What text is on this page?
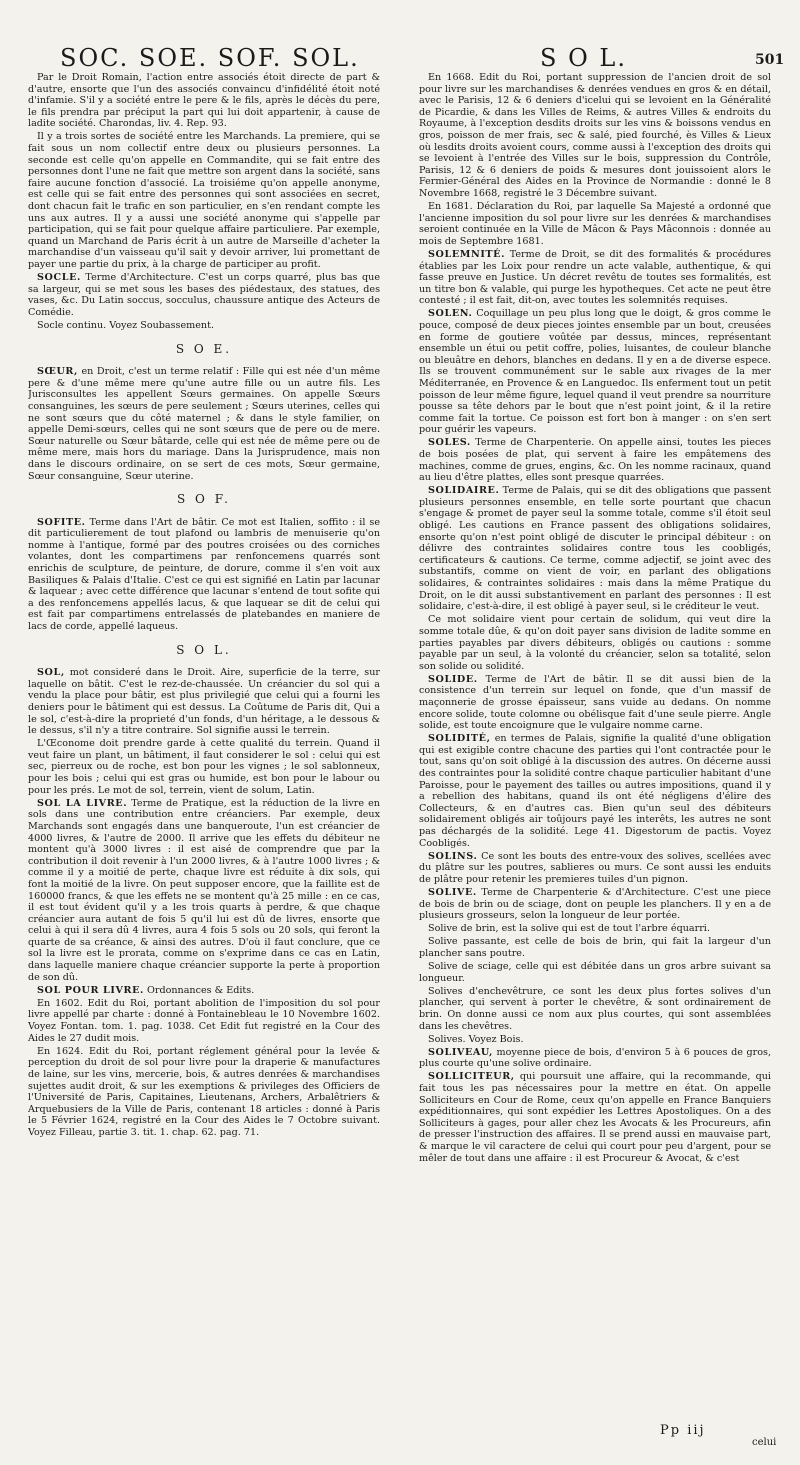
SOC. SOE. SOF. SOL.	S O L.	501

Par le Droit Romain, l'action entre associés étoit directe de part & d'autre, ensorte que l'un des associés convaincu d'infidélité étoit noté d'infamie. S'il y a société entre le pere & le fils, après le décès du pere, le fils prendra par préciput la part qui lui doit appartenir, à cause de ladite société. Charondas, liv. 4. Rep. 93.

Il y a trois sortes de société entre les Marchands. La premiere, qui se fait sous un nom collectif entre deux ou plusieurs personnes. La seconde est celle qu'on appelle en Commandite, qui se fait entre des personnes dont l'une ne fait que mettre son argent dans la société, sans faire aucune fonction d'associé. La troisiéme qu'on appelle anonyme, est celle qui se fait entre des personnes qui sont associées en secret, dont chacun fait le trafic en son particulier, en s'en rendant compte les uns aux autres. Il y a aussi une société anonyme qui s'appelle par participation, qui se fait pour quelque affaire particuliere. Par exemple, quand un Marchand de Paris écrit à un autre de Marseille d'acheter la marchandise d'un vaisseau qu'il sait y devoir arriver, lui promettant de payer une partie du prix, à la charge de participer au profit.

SOCLE. Terme d'Architecture. C'est un corps quarré, plus bas que sa largeur, qui se met sous les bases des piédestaux, des statues, des vases, &c. Du Latin soccus, socculus, chaussure antique des Acteurs de Comédie.

Socle continu. Voyez Soubassement.

S O E.

SŒUR, en Droit, c'est un terme relatif : Fille qui est née d'un même pere & d'une même mere qu'une autre fille ou un autre fils. Les Jurisconsultes les appellent Sœurs germaines. On appelle Sœurs consanguines, les sœurs de pere seulement ; Sœurs uterines, celles qui ne sont sœurs que du côté maternel ; & dans le style familier, on appelle Demi-sœurs, celles qui ne sont sœurs que de pere ou de mere. Sœur naturelle ou Sœur bâtarde, celle qui est née de même pere ou de même mere, mais hors du mariage. Dans la Jurisprudence, mais non dans le discours ordinaire, on se sert de ces mots, Sœur germaine, Sœur consanguine, Sœur uterine.

S O F.

SOFITE. Terme dans l'Art de bâtir. Ce mot est Italien, soffito : il se dit particulierement de tout plafond ou lambris de menuiserie qu'on nomme à l'antique, formé par des poutres croisées ou des corniches volantes, dont les compartimens par renfoncemens quarrés sont enrichis de sculpture, de peinture, de dorure, comme il s'en voit aux Basiliques & Palais d'Italie. C'est ce qui est signifié en Latin par lacunar & laquear ; avec cette différence que lacunar s'entend de tout sofite qui a des renfoncemens appellés lacus, & que laquear se dit de celui qui est fait par compartimens entrelassés de platebandes en maniere de lacs de corde, appellé laqueus.

S O L.

SOL, mot consideré dans le Droit. Aire, superficie de la terre, sur laquelle on bâtit. C'est le rez-de-chaussée. Un créancier du sol qui a vendu la place pour bâtir, est plus privilegié que celui qui a fourni les deniers pour le bâtiment qui est dessus. La Coûtume de Paris dit, Qui a le sol, c'est-à-dire la proprieté d'un fonds, d'un héritage, a le dessous & le dessus, s'il n'y a titre contraire. Sol signifie aussi le terrein.

L'Œconome doit prendre garde à cette qualité du terrein. Quand il veut faire un plant, un bâtiment, il faut considerer le sol : celui qui est sec, pierreux ou de roche, est bon pour les vignes ; le sol sablonneux, pour les bois ; celui qui est gras ou humide, est bon pour le labour ou pour les prés. Le mot de sol, terrein, vient de solum, Latin.

SOL LA LIVRE. Terme de Pratique, est la réduction de la livre en sols dans une contribution entre créanciers. Par exemple, deux Marchands sont engagés dans une banqueroute, l'un est créancier de 4000 livres, & l'autre de 2000. Il arrive que les effets du débiteur ne montent qu'à 3000 livres : il est aisé de comprendre que par la contribution il doit revenir à l'un 2000 livres, & à l'autre 1000 livres ; & comme il y a moitié de perte, chaque livre est réduite à dix sols, qui font la moitié de la livre. On peut supposer encore, que la faillite est de 160000 francs, & que les effets ne se montent qu'à 25 mille : en ce cas, il est tout évident qu'il y a les trois quarts à perdre, & que chaque créancier aura autant de fois 5 qu'il lui est dû de livres, ensorte que celui à qui il sera dû 4 livres, aura 4 fois 5 sols ou 20 sols, qui feront la quarte de sa créance, & ainsi des autres. D'où il faut conclure, que ce sol la livre est le prorata, comme on s'exprime dans ce cas en Latin, dans laquelle maniere chaque créancier supporte la perte à proportion de son dû.

SOL POUR LIVRE. Ordonnances & Edits.

En 1602. Edit du Roi, portant abolition de l'imposition du sol pour livre appellé par charte : donné à Fontainebleau le 10 Novembre 1602. Voyez Fontan. tom. 1. pag. 1038. Cet Edit fut registré en la Cour des Aides le 27 dudit mois.

En 1624. Edit du Roi, portant réglement général pour la levée & perception du droit de sol pour livre pour la draperie & manufactures de laine, sur les vins, mercerie, bois, & autres denrées & marchandises sujettes audit droit, & sur les exemptions & privileges des Officiers de l'Université de Paris, Capitaines, Lieutenans, Archers, Arbalêtriers & Arquebusiers de la Ville de Paris, contenant 18 articles : donné à Paris le 5 Février 1624, registré en la Cour des Aides le 7 Octobre suivant. Voyez Filleau, partie 3. tit. 1. chap. 62. pag. 71.

En 1668. Edit du Roi, portant suppression de l'ancien droit de sol pour livre sur les marchandises & denrées vendues en gros & en détail, avec le Parisis, 12 & 6 deniers d'icelui qui se levoient en la Généralité de Picardie, & dans les Villes de Reims, & autres Villes & endroits du Royaume, à l'exception desdits droits sur les vins & boissons vendus en gros, poisson de mer frais, sec & salé, pied fourché, ès Villes & Lieux où lesdits droits avoient cours, comme aussi à l'exception des droits qui se levoient à l'entrée des Villes sur le bois, suppression du Contrôle, Parisis, 12 & 6 deniers de poids & mesures dont jouissoient alors le Fermier-Général des Aides en la Province de Normandie : donné le 8 Novembre 1668, registré le 3 Décembre suivant.

En 1681. Déclaration du Roi, par laquelle Sa Majesté a ordonné que l'ancienne imposition du sol pour livre sur les denrées & marchandises seroient continuée en la Ville de Mâcon & Pays Mâconnois : donnée au mois de Septembre 1681.

SOLEMNITÉ. Terme de Droit, se dit des formalités & procédures établies par les Loix pour rendre un acte valable, authentique, & qui fasse preuve en Justice. Un décret revêtu de toutes ses formalités, est un titre bon & valable, qui purge les hypotheques. Cet acte ne peut être contesté ; il est fait, dit-on, avec toutes les solemnités requises.

SOLEN. Coquillage un peu plus long que le doigt, & gros comme le pouce, composé de deux pieces jointes ensemble par un bout, creusées en forme de goutiere voûtée par dessus, minces, représentant ensemble un étui ou petit coffre, polies, luisantes, de couleur blanche ou bleuâtre en dehors, blanches en dedans. Il y en a de diverse espece. Ils se trouvent communément sur le sable aux rivages de la mer Méditerranée, en Provence & en Languedoc. Ils enferment tout un petit poisson de leur même figure, lequel quand il veut prendre sa nourriture pousse sa tête dehors par le bout que n'est point joint, & il la retire comme fait la tortue. Ce poisson est fort bon à manger : on s'en sert pour guérir les vapeurs.

SOLES. Terme de Charpenterie. On appelle ainsi, toutes les pieces de bois posées de plat, qui servent à faire les empâtemens des machines, comme de grues, engins, &c. On les nomme racinaux, quand au lieu d'être plattes, elles sont presque quarrées.

SOLIDAIRE. Terme de Palais, qui se dit des obligations que passent plusieurs personnes ensemble, en telle sorte pourtant que chacun s'engage & promet de payer seul la somme totale, comme s'il étoit seul obligé. Les cautions en France passent des obligations solidaires, ensorte qu'on n'est point obligé de discuter le principal débiteur : on délivre des contraintes solidaires contre tous les coobligés, certificateurs & cautions. Ce terme, comme adjectif, se joint avec des substantifs, comme on vient de voir, en parlant des obligations solidaires, & contraintes solidaires : mais dans la même Pratique du Droit, on le dit aussi substantivement en parlant des personnes : Il est solidaire, c'est-à-dire, il est obligé à payer seul, si le créditeur le veut.

Ce mot solidaire vient pour certain de solidum, qui veut dire la somme totale dûe, & qu'on doit payer sans division de ladite somme en parties payables par divers débiteurs, obligés ou cautions : somme payable par un seul, à la volonté du créancier, selon sa totalité, selon son solide ou solidité.

SOLIDE. Terme de l'Art de bâtir. Il se dit aussi bien de la consistence d'un terrein sur lequel on fonde, que d'un massif de maçonnerie de grosse épaisseur, sans vuide au dedans. On nomme encore solide, toute colomne ou obélisque fait d'une seule pierre. Angle solide, est toute encoignure que le vulgaire nomme carne.

SOLIDITÉ, en termes de Palais, signifie la qualité d'une obligation qui est exigible contre chacune des parties qui l'ont contractée pour le tout, sans qu'on soit obligé à la discussion des autres. On décerne aussi des contraintes pour la solidité contre chaque particulier habitant d'une Paroisse, pour le payement des tailles ou autres impositions, quand il y a rebellion des habitans, quand ils ont été négligens d'élire des Collecteurs, & en d'autres cas. Bien qu'un seul des débiteurs solidairement obligés air toûjours payé les interêts, les autres ne sont pas déchargés de la solidité. Lege 41. Digestorum de pactis. Voyez Coobligés.

SOLINS. Ce sont les bouts des entre-voux des solives, scellées avec du plâtre sur les poutres, sablieres ou murs. Ce sont aussi les enduits de plâtre pour retenir les premieres tuiles d'un pignon.

SOLIVE. Terme de Charpenterie & d'Architecture. C'est une piece de bois de brin ou de sciage, dont on peuple les planchers. Il y en a de plusieurs grosseurs, selon la longueur de leur portée.

Solive de brin, est la solive qui est de tout l'arbre équarri.

Solive passante, est celle de bois de brin, qui fait la largeur d'un plancher sans poutre.

Solive de sciage, celle qui est débitée dans un gros arbre suivant sa longueur.

Solives d'enchevêtrure, ce sont les deux plus fortes solives d'un plancher, qui servent à porter le chevêtre, & sont ordinairement de brin. On donne aussi ce nom aux plus courtes, qui sont assemblées dans les chevêtres.

Solives. Voyez Bois.

SOLIVEAU, moyenne piece de bois, d'environ 5 à 6 pouces de gros, plus courte qu'une solive ordinaire.

SOLLICITEUR, qui poursuit une affaire, qui la recommande, qui fait tous les pas nécessaires pour la mettre en état. On appelle Solliciteurs en Cour de Rome, ceux qu'on appelle en France Banquiers expéditionnaires, qui sont expédier les Lettres Apostoliques. On a des Solliciteurs à gages, pour aller chez les Avocats & les Procureurs, afin de presser l'instruction des affaires. Il se prend aussi en mauvaise part, & marque le vil caractere de celui qui court pour peu d'argent, pour se mêler de tout dans une affaire : il est Procureur & Avocat, & c'est

Pp iij
celui
